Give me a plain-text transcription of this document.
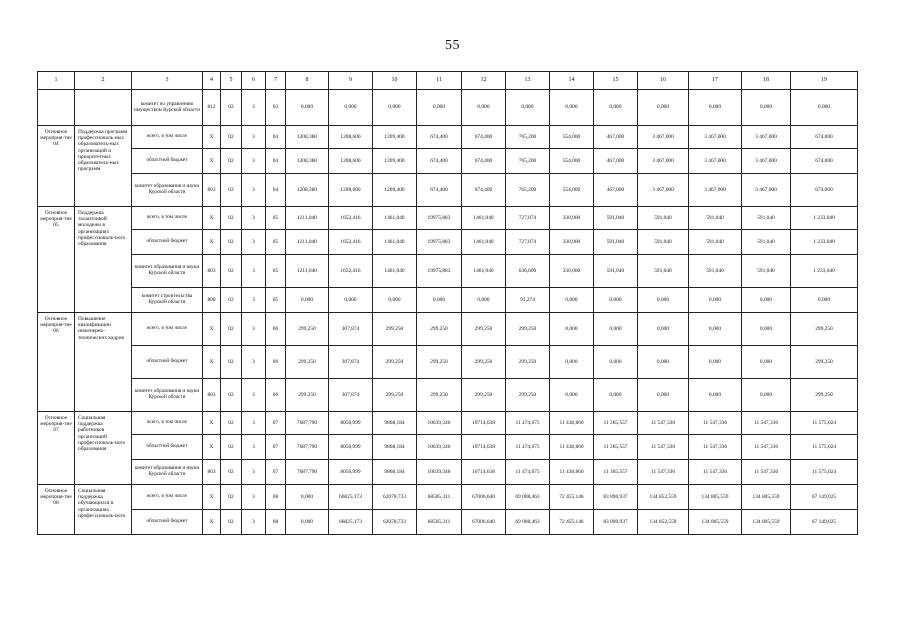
55
1	2	3	4	5	6	7	8	9	10	11	12	13	14	15	16	17	18	19
		комитет по управлению имуществом Курской области	812	02	3	03	0,000	0,000	0,000	0,000	0,000	0,000	0,000	0,000	0,000	0,000	0,000	0,000
Основное мероприя-тие 04	Поддержка программ профессиональ-ных образователь-ных организаций и приоритетных образователь-ных программ	всего, в том числе	Х	02	3	04	1208,380	1208,600	1209,400	674,400	674,400	765,200	554,000	467,000	3 467,000	3 467,000	3 467,000	674,000
		областной бюджет	Х	02	3	04	1208,380	1208,600	1209,400	674,400	674,400	765,200	554,000	467,000	3 467,000	3 467,000	3 467,000	674,000
		комитет образования и науки Курской области	803	02	3	04	1208,380	1208,600	1209,400	674,400	674,400	765,200	554,000	467,000	3 467,000	3 467,000	3 467,000	674,000
Основное мероприя-тие 05	Поддержка талантливой молодежи в организациях профессиональ-ного образования	всего, в том числе	Х	02	3	05	1211,040	1652,416	1461,040	19975,883	1461,040	727,874	330,000	591,040	591,040	591,040	591,040	1 233,040
		областной бюджет	Х	02	3	05	1211,040	1652,416	1461,040	19975,883	1461,040	727,874	330,000	591,040	591,040	591,040	591,040	1 233,040
		комитет образования и науки Курской области	803	02	3	05	1211,040	1652,416	1461,040	19975,883	1461,040	636,600	330,000	591,040	591,040	591,040	591,040	1 233,040
		комитет строительства Курской области	808	02	3	05	0,000	0,000	0,000	0,000	0,000	91,274	0,000	0,000	0,000	0,000	0,000	0,000
Основное мероприя-тие 06	Повышение квалификации инженерно-технических кадров	всего, в том числе	Х	02	3	06	299,250	307,874	299,250	299,250	299,250	299,250	0,000	0,000	0,000	0,000	0,000	299,250
		областной бюджет	Х	02	3	06	299,250	307,874	299,250	299,250	299,250	299,250	0,000	0,000	0,000	0,000	0,000	299,250
		комитет образования и науки Курской области	803	02	3	06	299,250	307,874	299,250	299,250	299,250	299,250	0,000	0,000	0,000	0,000	0,000	299,250
Основное мероприя-тие 07	Социальная поддержка работников организаций профессиональ-ного образования	всего, в том числе	Х	02	3	07	7687,790	8056,099	9868,184	10039,346	10714,638	11 474,675	11 438,860	11 365,557	11 547,336	11 547,336	11 547,336	11 575,024
		областной бюджет	Х	02	3	07	7687,790	8056,099	9868,184	10039,346	10714,638	11 474,675	11 438,860	11 365,557	11 547,336	11 547,336	11 547,336	11 575,024
		комитет образования и науки Курской области	803	02	3	07	7687,790	8056,099	9868,184	10039,346	10714,638	11 474,675	11 438,860	11 365,557	11 547,336	11 547,336	11 547,336	11 575,024
Основное мероприя-тие 08	Социальная поддержка обучающихся в организациях профессиональ-ного	всего, в том числе	Х	02	3	08	0,000	66825,173	62078,733	68505,311	67006,640	69 008,463	72 455,146	83 890,937	134 852,559	134 805,559	134 805,559	67 149,025
		областной бюджет	Х	02	3	08	0,000	66825,173	62078,733	68505,311	67006,640	69 008,463	72 455,146	83 890,937	134 852,559	134 805,559	134 805,559	67 149,025
